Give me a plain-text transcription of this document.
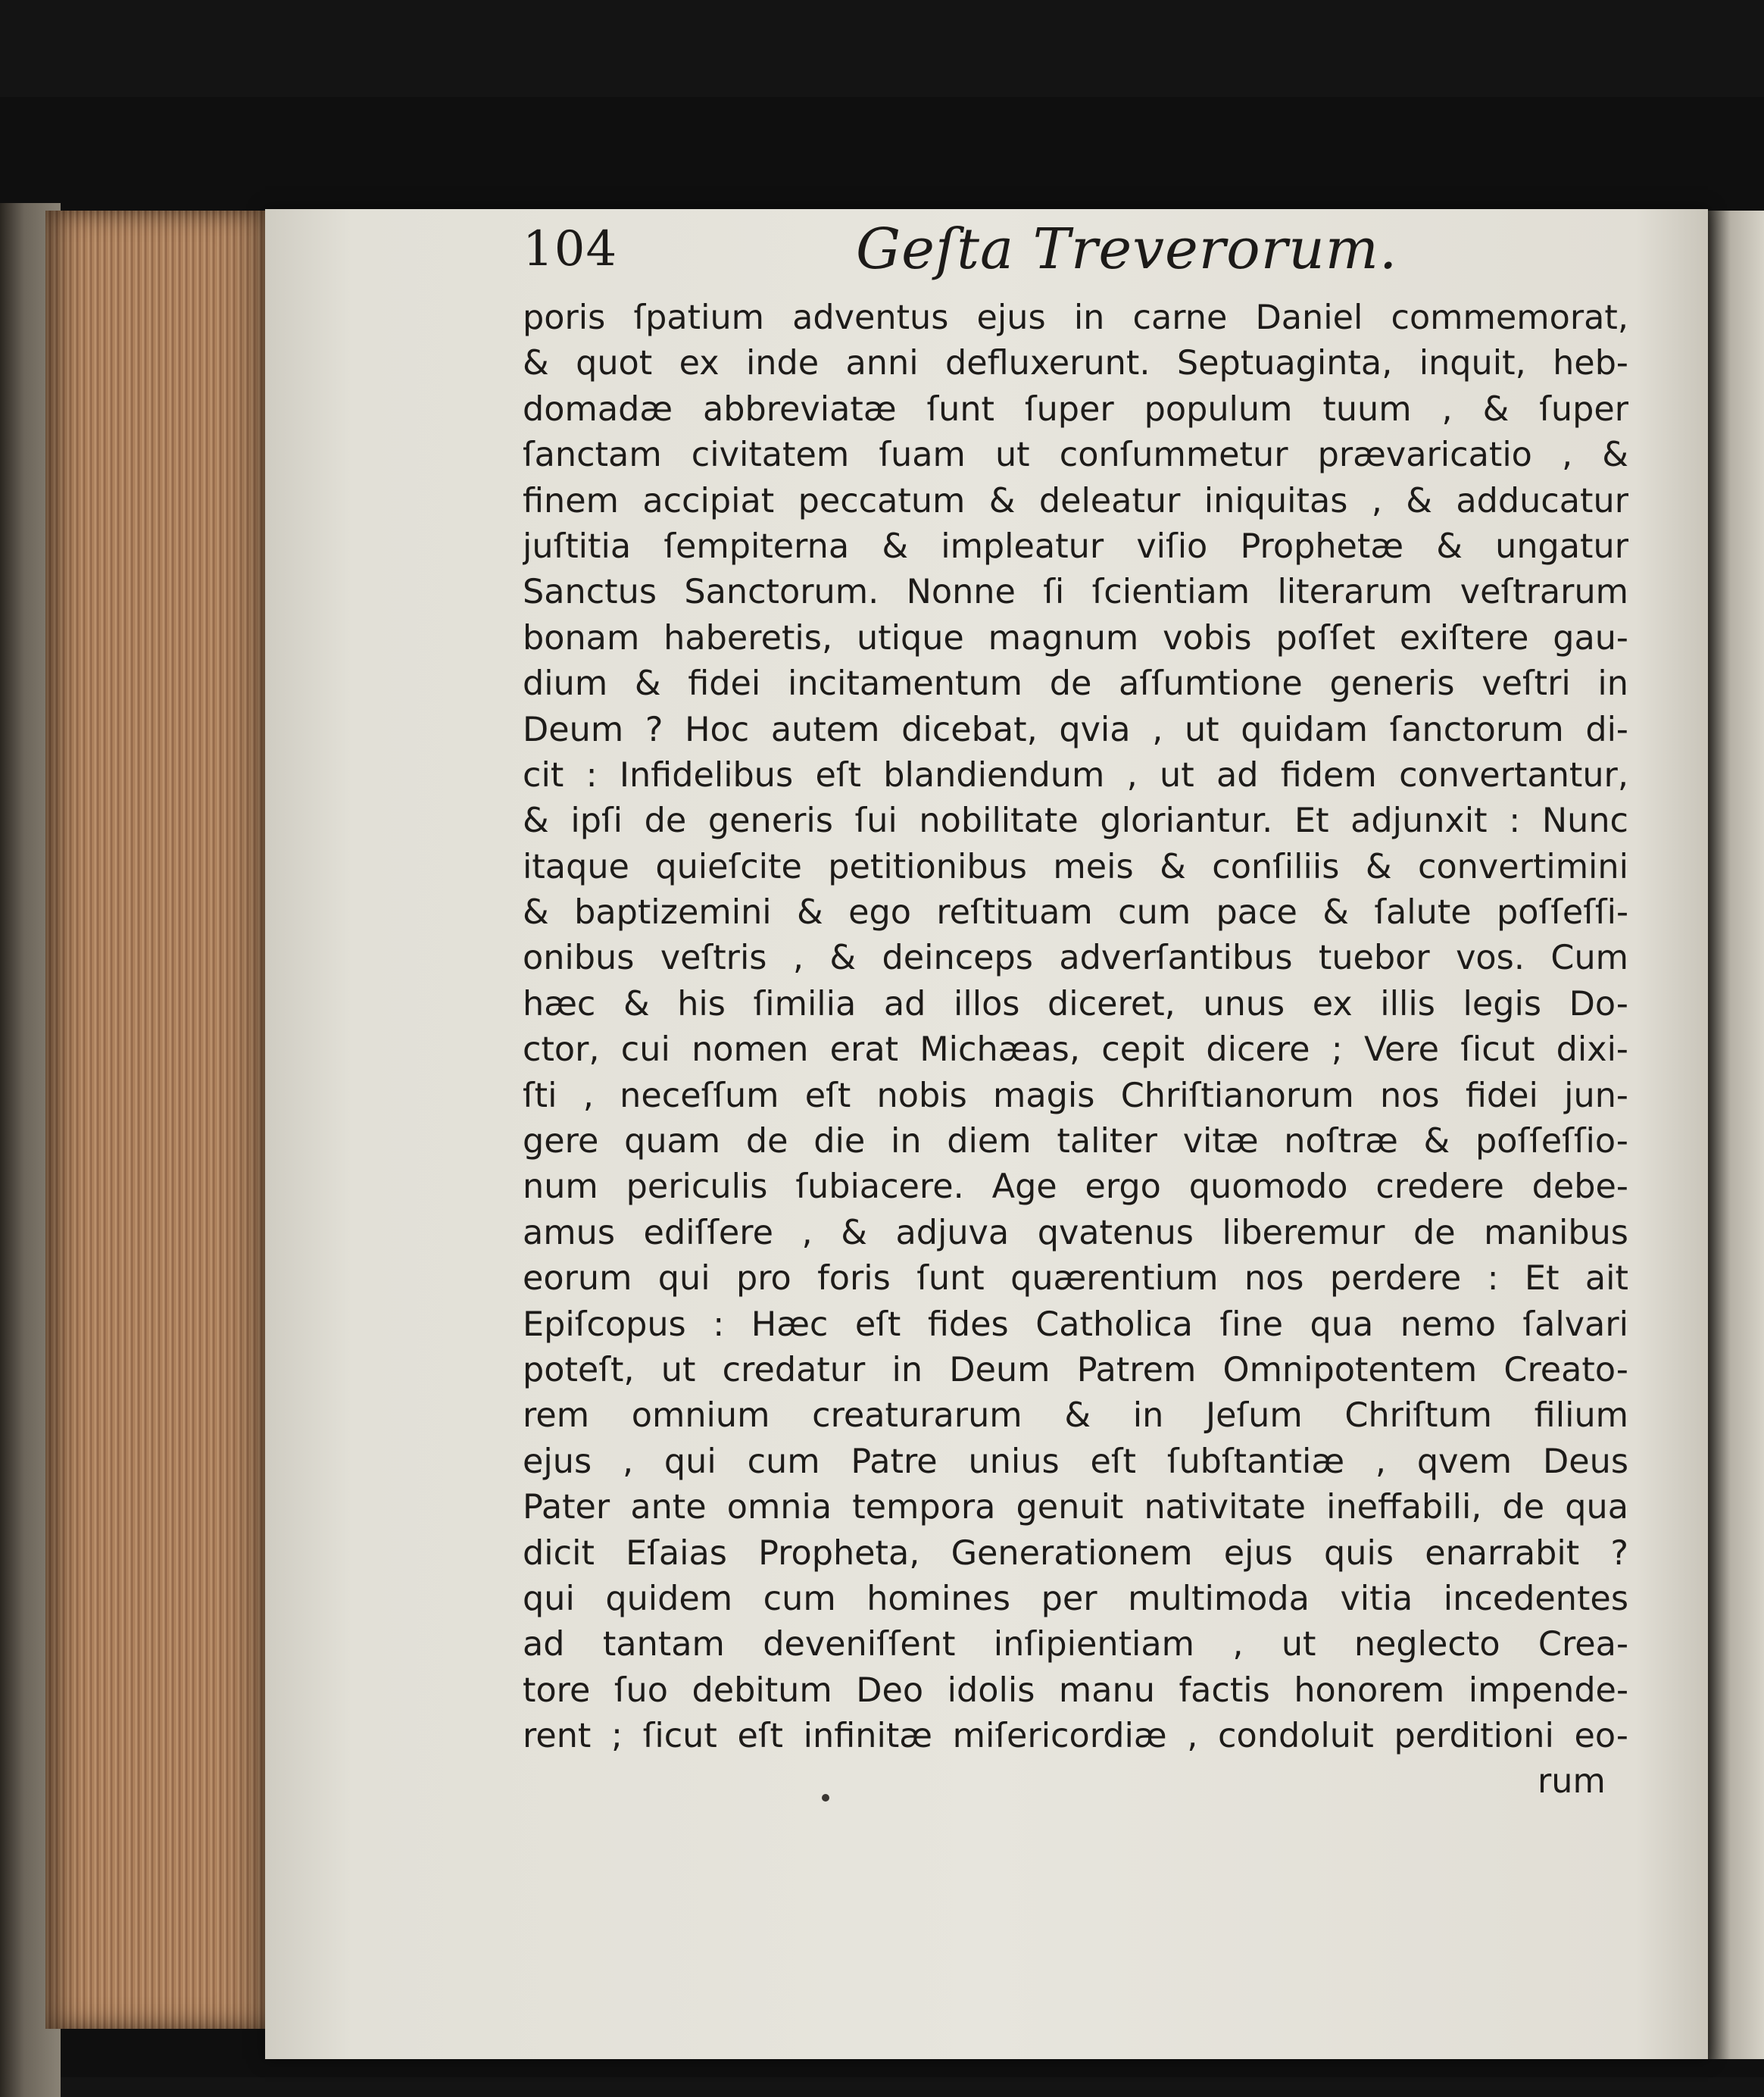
104	Geſta Treverorum.
poris ſpatium adventus ejus in carne Daniel commemorat,
& quot ex inde anni defluxerunt. Septuaginta, inquit, heb-
domadæ abbreviatæ ſunt ſuper populum tuum , & ſuper
ſanctam civitatem ſuam ut conſummetur prævaricatio , &
finem accipiat peccatum & deleatur iniquitas , & adducatur
juſtitia ſempiterna & impleatur viſio Prophetæ & ungatur
Sanctus Sanctorum. Nonne ſi ſcientiam literarum veſtrarum
bonam haberetis, utique magnum vobis poſſet exiſtere gau-
dium & fidei incitamentum de aſſumtione generis veſtri in
Deum ? Hoc autem dicebat, qvia , ut quidam ſanctorum di-
cit : Infidelibus eſt blandiendum , ut ad fidem convertantur,
& ipſi de generis ſui nobilitate gloriantur. Et adjunxit : Nunc
itaque quieſcite petitionibus meis & conſiliis & convertimini
& baptizemini & ego reſtituam cum pace & ſalute poſſeſſi-
onibus veſtris , & deinceps adverſantibus tuebor vos. Cum
hæc & his ſimilia ad illos diceret, unus ex illis legis Do-
ctor, cui nomen erat Michæas, cepit dicere ; Vere ſicut dixi-
ſti , neceſſum eſt nobis magis Chriſtianorum nos fidei jun-
gere quam de die in diem taliter vitæ noſtræ & poſſeſſio-
num periculis ſubiacere. Age ergo quomodo credere debe-
amus ediſſere , & adjuva qvatenus liberemur de manibus
eorum qui pro foris ſunt quærentium nos perdere : Et ait
Epiſcopus : Hæc eſt fides Catholica ſine qua nemo ſalvari
poteſt, ut credatur in Deum Patrem Omnipotentem Creato-
rem omnium creaturarum & in Jeſum Chriſtum filium
ejus , qui cum Patre unius eſt ſubſtantiæ , qvem Deus
Pater ante omnia tempora genuit nativitate ineffabili, de qua
dicit Eſaias Propheta, Generationem ejus quis enarrabit ?
qui quidem cum homines per multimoda vitia incedentes
ad tantam deveniſſent inſipientiam , ut neglecto Crea-
tore ſuo debitum Deo idolis manu factis honorem impende-
rent ; ſicut eſt infinitæ miſericordiæ , condoluit perditioni eo-
rum
